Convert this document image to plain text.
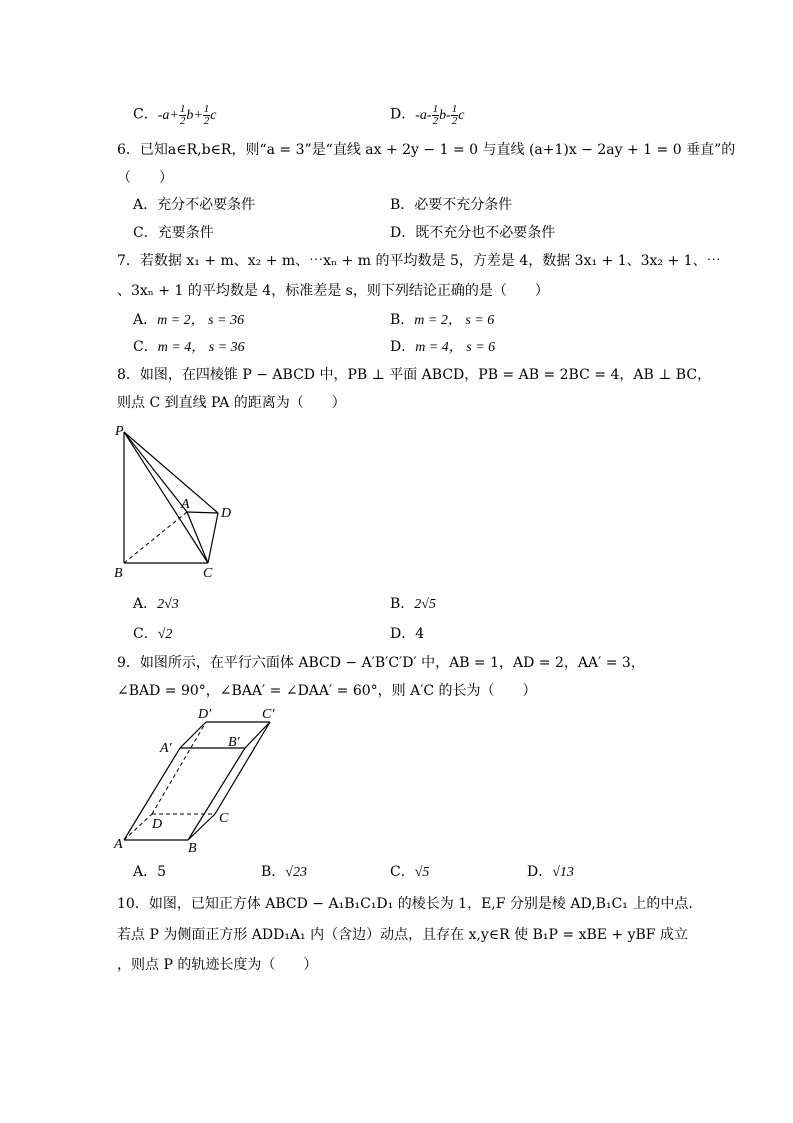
C．$-a+ \frac{1}{2} b+ \frac{1}{2}$ c	D．$-a- \frac{1}{2} b- \frac{1}{2}$ c
6．已知a∈R,b∈R，则“a = 3”是“直线 ax + 2y − 1 = 0 与直线 (a+1)x − 2ay + 1 = 0 垂直”的
（　　）
A．充分不必要条件	B．必要不充分条件
C．充要条件	D．既不充分也不必要条件
7．若数据 x₁ + m、x₂ + m、⋯xₙ + m 的平均数是 5，方差是 4，数据 3x₁ + 1、3x₂ + 1、⋯
、3xₙ + 1 的平均数是 4，标准差是 s，则下列结论正确的是（　　）
A．m = 2， s = 36	B．m = 2， s = 6
C．m = 4， s = 36	D．m = 4， s = 6
8．如图，在四棱锥 P − ABCD 中，PB ⊥ 平面 ABCD，PB = AB = 2BC = 4，AB ⊥ BC，
则点 C 到直线 PA 的距离为（　　）
P
A
D
B	C
A．2√3	B．2√5
C．√2	D．4
9．如图所示，在平行六面体 ABCD − A′B′C′D′ 中，AB = 1，AD = 2，AA′ = 3，
∠BAD = 90°，∠BAA′ = ∠DAA′ = 60°，则 A′C 的长为（　　）
D′	C′
A′	B′
D	C
A	B
A．5	B．√23	C．√5	D．√13
10．如图，已知正方体 ABCD − A₁B₁C₁D₁ 的棱长为 1，E,F 分别是棱 AD,B₁C₁ 上的中点.
若点 P 为侧面正方形 ADD₁A₁ 内（含边）动点，且存在 x,y∈R 使 B₁P = xBE + yBF 成立
，则点 P 的轨迹长度为（　　）
